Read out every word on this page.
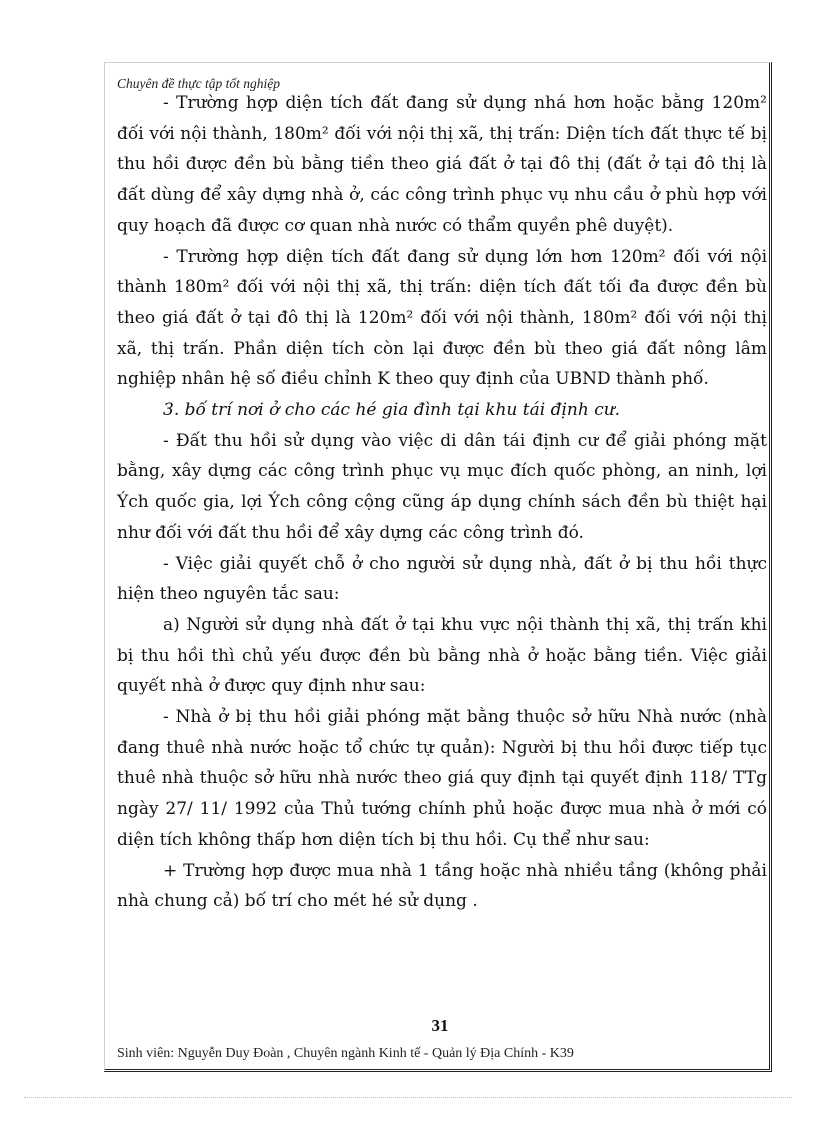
Chuyên đề thực tập tốt nghiệp

- Trường hợp diện tích đất đang sử dụng nhá hơn hoặc bằng 120m² đối với nội thành, 180m² đối với nội thị xã, thị trấn: Diện tích đất thực tế bị thu hồi được đền bù bằng tiền theo giá đất ở tại đô thị (đất ở tại đô thị là đất dùng để xây dựng nhà ở, các công trình phục vụ nhu cầu ở phù hợp với quy hoạch đã được cơ quan nhà nước có thẩm quyền phê duyệt).

- Trường hợp diện tích đất đang sử dụng lớn hơn 120m² đối với nội thành 180m² đối với nội thị xã, thị trấn: diện tích đất tối đa được đền bù theo giá đất ở tại đô thị là 120m² đối với nội thành, 180m² đối với nội thị xã, thị trấn. Phần diện tích còn lại được đền bù theo giá đất nông lâm nghiệp nhân hệ số điều chỉnh K theo quy định của UBND thành phố.

3. bố trí nơi ở cho các hé gia đình tại khu tái định cư.

- Đất thu hồi sử dụng vào việc di dân tái định cư để giải phóng mặt bằng, xây dựng các công trình phục vụ mục đích quốc phòng, an ninh, lợi Ých quốc gia, lợi Ých công cộng cũng áp dụng chính sách đền bù thiệt hại như đối với đất thu hồi để xây dựng các công trình đó.

- Việc giải quyết chỗ ở cho người sử dụng nhà, đất ở bị thu hồi thực hiện theo nguyên tắc sau:

a) Người sử dụng nhà đất ở tại khu vực nội thành thị xã, thị trấn khi bị thu hồi thì chủ yếu được đền bù bằng nhà ở hoặc bằng tiền. Việc giải quyết nhà ở được quy định như sau:

- Nhà ở bị thu hồi giải phóng mặt bằng thuộc sở hữu Nhà nước (nhà đang thuê nhà nước hoặc tổ chức tự quản): Người bị thu hồi được tiếp tục thuê nhà thuộc sở hữu nhà nước theo giá quy định tại quyết định 118/ TTg ngày 27/ 11/ 1992 của Thủ tướng chính phủ hoặc được mua nhà ở mới có diện tích không thấp hơn diện tích bị thu hồi. Cụ thể như sau:

+ Trường hợp được mua nhà 1 tầng hoặc nhà nhiều tầng (không phải nhà chung cả) bố trí cho mét hé sử dụng .

31
Sinh viên: Nguyễn Duy Đoàn , Chuyên ngành Kinh tế - Quản lý Địa Chính - K39
